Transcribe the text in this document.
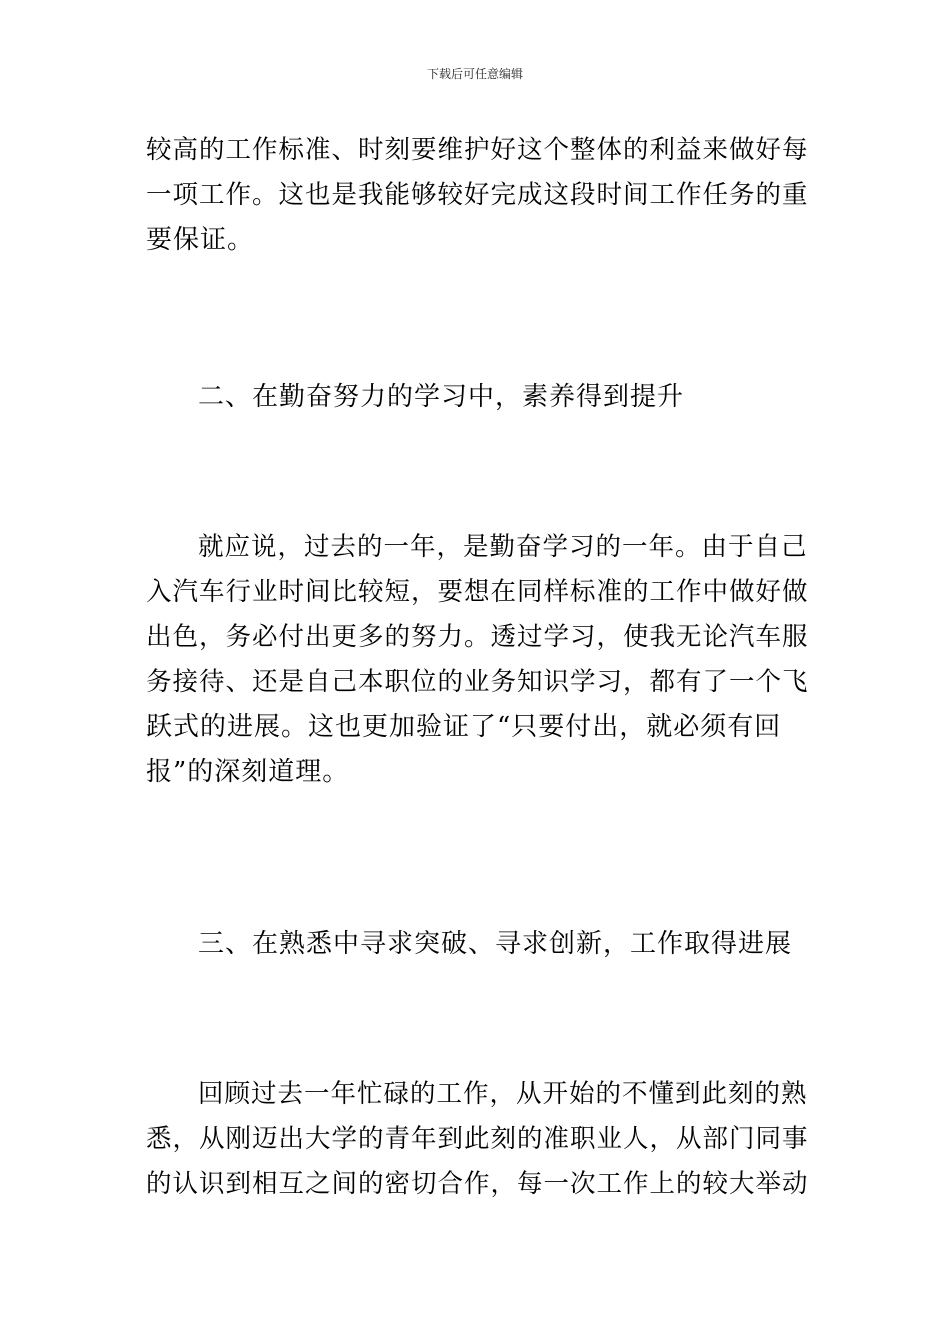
下载后可任意编辑
较高的工作标准、时刻要维护好这个整体的利益来做好每
一项工作。这也是我能够较好完成这段时间工作任务的重
要保证。
二、在勤奋努力的学习中，素养得到提升
就应说，过去的一年，是勤奋学习的一年。由于自己
入汽车行业时间比较短，要想在同样标准的工作中做好做
出色，务必付出更多的努力。透过学习，使我无论汽车服
务接待、还是自己本职位的业务知识学习，都有了一个飞
跃式的进展。这也更加验证了“只要付出，就必须有回
报”的深刻道理。
三、在熟悉中寻求突破、寻求创新，工作取得进展
回顾过去一年忙碌的工作，从开始的不懂到此刻的熟
悉，从刚迈出大学的青年到此刻的准职业人，从部门同事
的认识到相互之间的密切合作，每一次工作上的较大举动
